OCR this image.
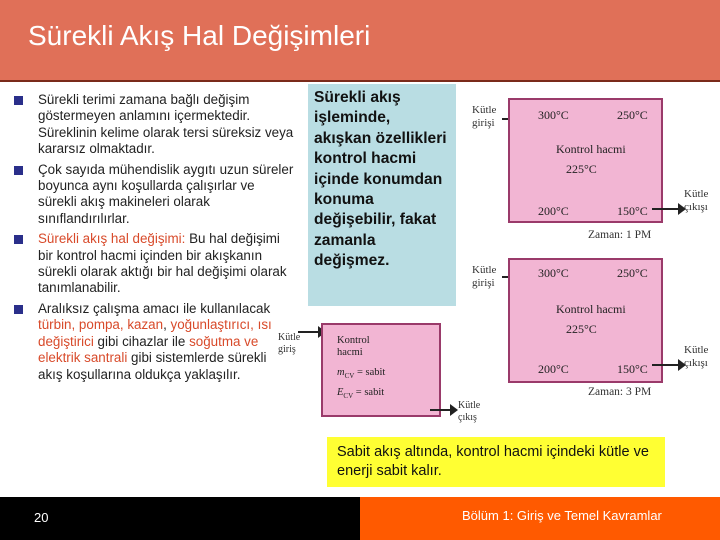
Sürekli Akış Hal Değişimleri
Sürekli terimi zamana bağlı değişim göstermeyen anlamını içermektedir. Süreklinin kelime olarak tersi süreksiz veya kararsız olmaktadır.
Çok sayıda mühendislik aygıtı uzun süreler boyunca aynı koşullarda çalışırlar ve sürekli akış makineleri olarak sınıflandırılırlar.
Sürekli akış hal değişimi: Bu hal değişimi bir kontrol hacmi içinden bir akışkanın sürekli olarak aktığı bir hal değişimi olarak tanımlanabilir.
Aralıksız çalışma amacı ile kullanılacak türbin, pompa, kazan, yoğunlaştırıcı, ısı değiştirici gibi cihazlar ile soğutma ve elektrik santrali gibi sistemlerde sürekli akış koşullarına oldukça yaklaşılır.
Sürekli akış işleminde, akışkan özellikleri kontrol hacmi içinde konumdan konuma değişebilir, fakat zamanla değişmez.
Kütle
girişi
300°C	250°C
Kontrol hacmi
225°C
200°C	150°C
Kütle
çıkışı
Zaman: 1 PM
Kütle
girişi
300°C	250°C
Kontrol hacmi
225°C
200°C	150°C
Kütle
çıkışı
Zaman: 3 PM
Kütle
giriş
Kontrol
hacmi
$m_{CV}$ = sabit
$E_{CV}$ = sabit
Kütle
çıkış
Sabit akış altında, kontrol hacmi içindeki kütle ve enerji sabit kalır.
20	Bölüm 1: Giriş ve Temel Kavramlar
